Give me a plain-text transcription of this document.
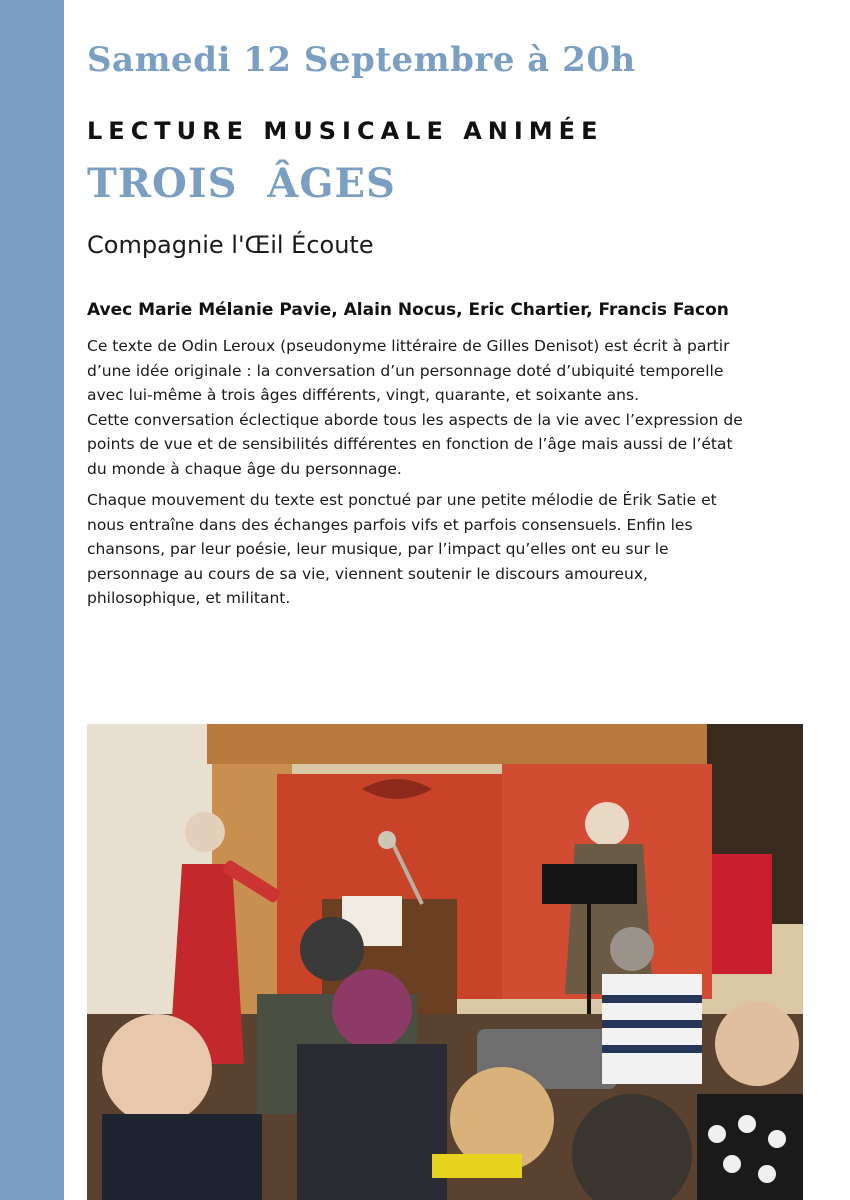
Samedi 12 Septembre à 20h
LECTURE MUSICALE ANIMÉE
TROIS  ÂGES

Compagnie l'Œil Écoute

Avec Marie Mélanie Pavie, Alain Nocus, Eric Chartier, Francis Facon

Ce texte de Odin Leroux (pseudonyme littéraire de Gilles Denisot) est écrit à partir

d’une idée originale : la conversation d’un personnage doté d’ubiquité temporelle

avec lui-même à trois âges différents, vingt, quarante, et soixante ans.

Cette conversation éclectique aborde tous les aspects de la vie avec l’expression de

points de vue et de sensibilités différentes en fonction de l’âge mais aussi de l’état

du monde à chaque âge du personnage.

Chaque mouvement du texte est ponctué par une petite mélodie de Érik Satie et

nous entraîne dans des échanges parfois vifs et parfois consensuels. Enfin les

chansons, par leur poésie, leur musique, par l’impact qu’elles ont eu sur le

personnage au cours de sa vie, viennent soutenir le discours amoureux,

philosophique, et militant.
